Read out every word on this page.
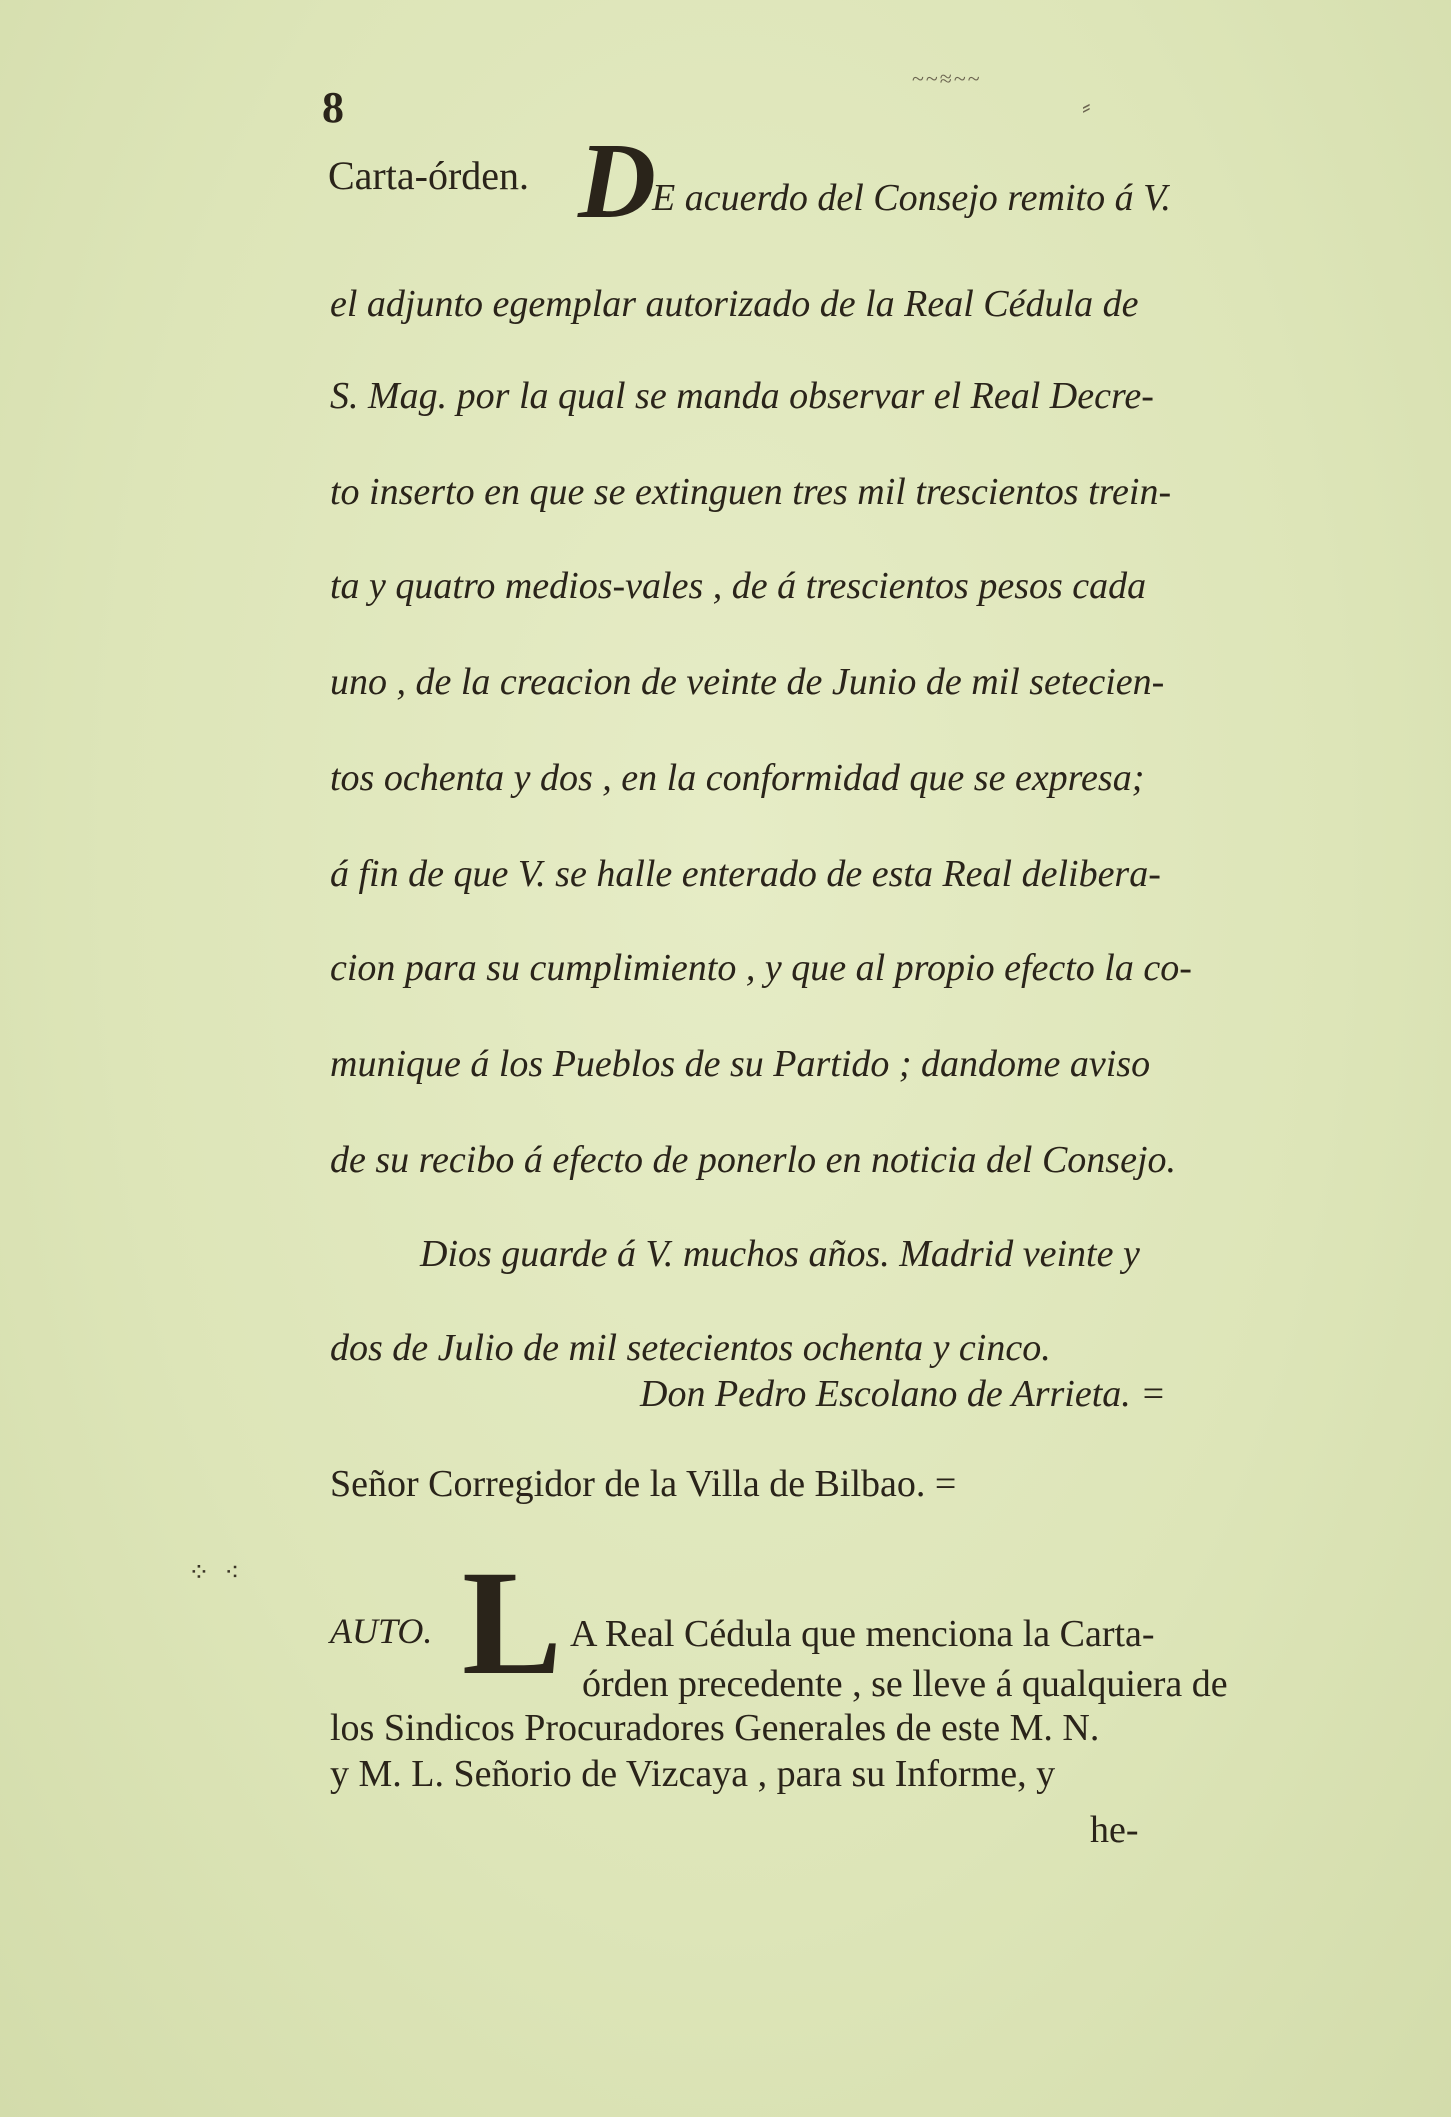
8
~~≈~~
⸗
Carta-órden. D
E acuerdo del Consejo remito á V.
el adjunto egemplar autorizado de la Real Cédula de
S. Mag. por la qual se manda observar el Real Decre-
to inserto en que se extinguen tres mil trescientos trein-
ta y quatro medios-vales , de á trescientos pesos cada
uno , de la creacion de veinte de Junio de mil setecien-
tos ochenta y dos , en la conformidad que se expresa;
á fin de que V. se halle enterado de esta Real delibera-
cion para su cumplimiento , y que al propio efecto la co-
munique á los Pueblos de su Partido ; dandome aviso
de su recibo á efecto de ponerlo en noticia del Consejo.
Dios guarde á V. muchos años. Madrid veinte y
dos de Julio de mil setecientos ochenta y cinco.
Don Pedro Escolano de Arrieta. =
Señor Corregidor de la Villa de Bilbao. =
⁘ ⁖
AUTO. L A Real Cédula que menciona la Carta-
órden precedente , se lleve á qualquiera de
los Sindicos Procuradores Generales de este M. N.
y M. L. Señorio de Vizcaya , para su Informe, y
he-
